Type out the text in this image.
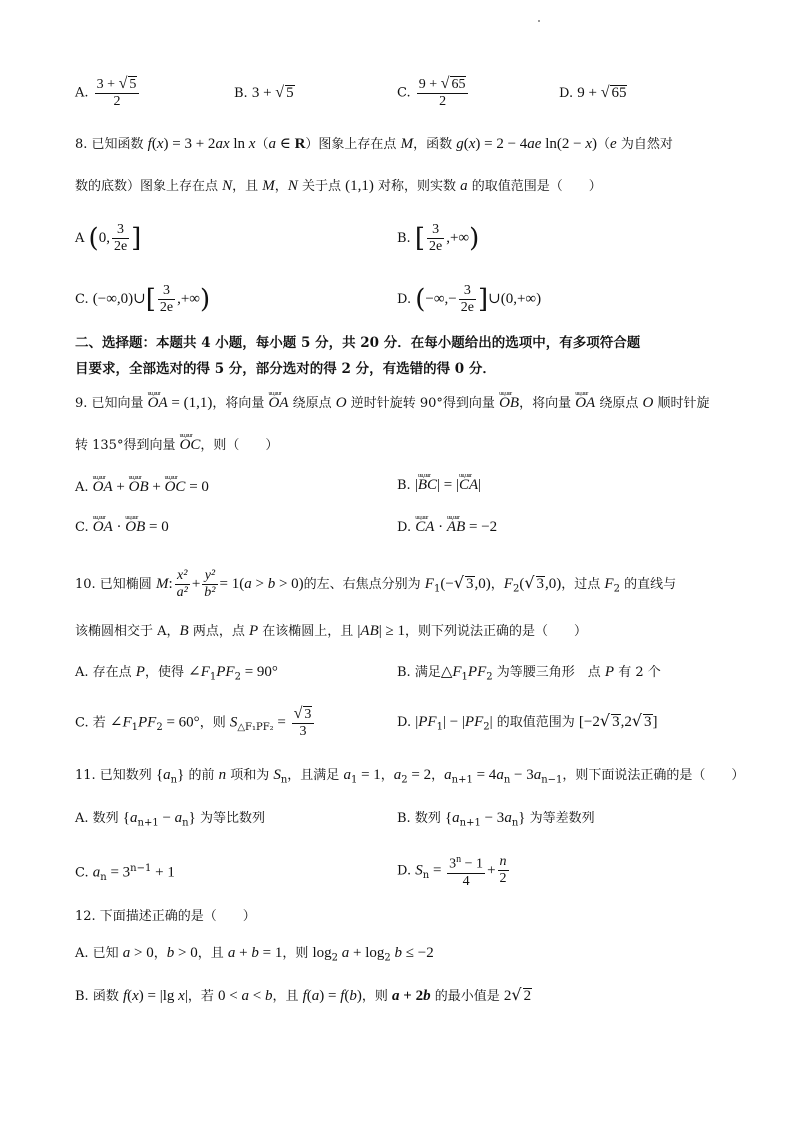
A. $\frac{3 + √ 5}{2}$	B. 3 + √ 5	C. $\frac{9 + √ 65}{2}$	D. 9 + √ 65
8. 已知函数 f(x) = 3 + 2ax ln x（a ∈ R）图象上存在点 M，函数 g(x) = 2 − 4ae ln(2 − x)（e 为自然对
数的底数）图象上存在点 N，且 M，N 关于点 (1,1) 对称，则实数 a 的取值范围是（　　）
A (0, $\frac{3}{2e}$ ]	B. [ $\frac{3}{2e}$ ,+∞)
C. (−∞,0)∪[ $\frac{3}{2e}$ ,+∞)	D. (−∞,− $\frac{3}{2e}$ ]∪(0,+∞)
二、选择题：本题共 4 小题，每小题 5 分，共 20 分．在每小题给出的选项中，有多项符合题
目要求，全部选对的得 5 分，部分选对的得 2 分，有选错的得 0 分．
9. 已知向量 uu,uur OA = (1,1)，将向量 uu,uur OA 绕原点 O 逆时针旋转 90°得到向量 uu,uur OB，将向量 uu,uur OA 绕原点 O 顺时针旋
转 135°得到向量 uu,uur OC，则（　　）
A. uu,uur OA + uu,uur OB + uu,uur OC = 0	B. |uu,uur BC| = |uu,uur CA|
C. uu,uur OA · uu,uur OB = 0	D. uu,uur CA · uu,uur AB = −2
10. 已知椭圆 M: $\frac{\text{x²}}{\text{a²}} + \frac{\text{y²}}{\text{b²}} = 1(a > b > 0)$的左、右焦点分别为 $F_1(-√$ 3,0)，$F_2(√$ 3,0)，过点 $F_2$ 的直线与
该椭圆相交于 A，B 两点，点 P 在该椭圆上，且 |AB| ≥ 1，则下列说法正确的是（　　）
A. 存在点 P，使得 $\angle F_1PF_2 = 90^\circ$	B. 满足$\triangle F_1PF_2$ 为等腰三角形　点 P 有 2 个
C. 若 $\angle F_1PF_2 = 60^\circ$，则 $S_{\triangle F_1PF_2} = \frac{√ 3}{3}$	D. $|PF_1| - |PF_2|$ 的取值范围为 [−2√ 3,2√ 3]
11. 已知数列 $\{a_n\}$ 的前 n 项和为 $S_n$，且满足 $a_1 = 1$，$a_2 = 2$，$a_{n+1} = 4a_n - 3a_{n-1}$，则下面说法正确的是（　　）
A. 数列 $\{a_{n+1} - a_n\}$ 为等比数列	B. 数列 $\{a_{n+1} - 3a_n\}$ 为等差数列
C. $a_n = 3^{n-1} + 1$	D. $S_n = \frac{3^n - 1}{4} + \frac{n}{2}$
12. 下面描述正确的是（　　）
A. 已知 a > 0，b > 0，且 a + b = 1，则 $\log_2 a + \log_2 b \le -2$
B. 函数 f(x) = |lg x|，若 0 < a < b，且 f(a) = f(b)，则 a + 2b 的最小值是 2√ 2
